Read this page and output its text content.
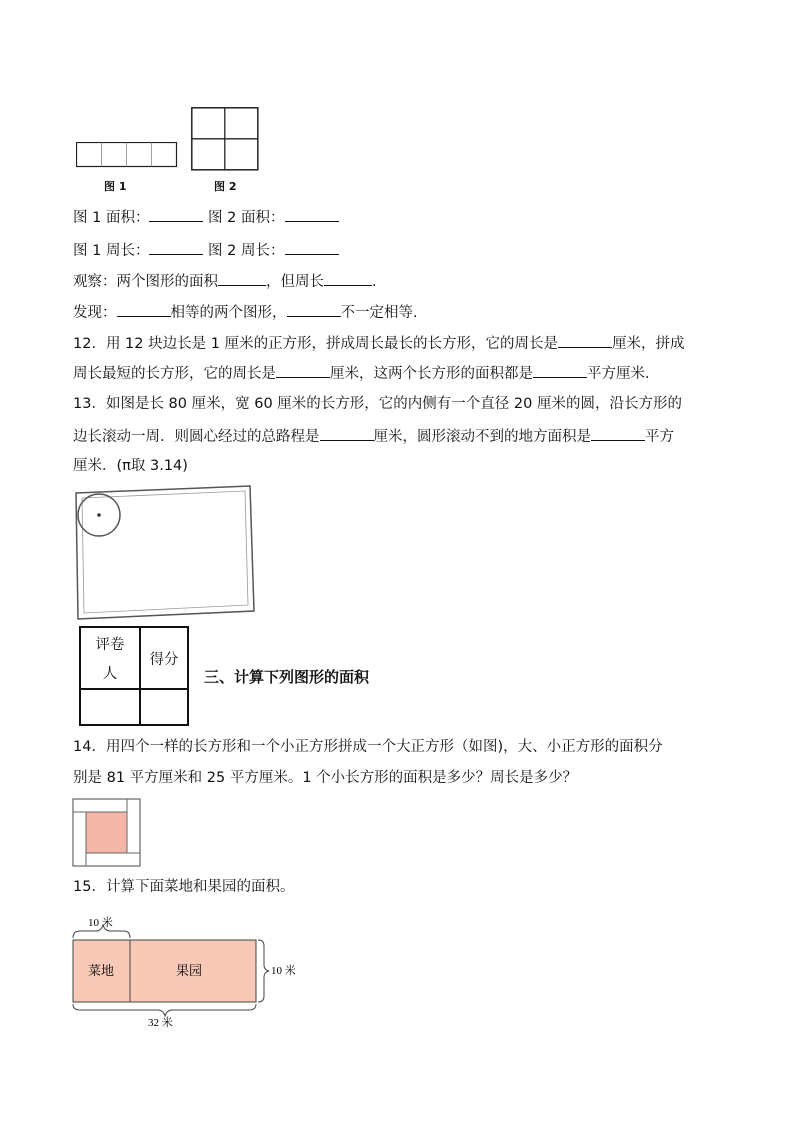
图 1	图 2
图 1 面积：	图 2 面积：
图 1 周长：	图 2 周长：
观察：两个图形的面积	，但周长	.
发现：	相等的两个图形，	不一定相等.
12．用 12 块边长是 1 厘米的正方形，拼成周长最长的长方形，它的周长是	厘米，拼成
周长最短的长方形，它的周长是	厘米，这两个长方形的面积都是	平方厘米.
13．如图是长 80 厘米，宽 60 厘米的长方形，它的内侧有一个直径 20 厘米的圆，沿长方形的
边长滚动一周．则圆心经过的总路程是	厘米，圆形滚动不到的地方面积是	平方
厘米．(π取 3.14)
评卷
人	得分

三、计算下列图形的面积
14．用四个一样的长方形和一个小正方形拼成一个大正方形（如图)，大、小正方形的面积分
别是 81 平方厘米和 25 平方厘米。1 个小长方形的面积是多少？周长是多少？
15．计算下面菜地和果园的面积。
10 米
菜地	果园	10 米
32 米
